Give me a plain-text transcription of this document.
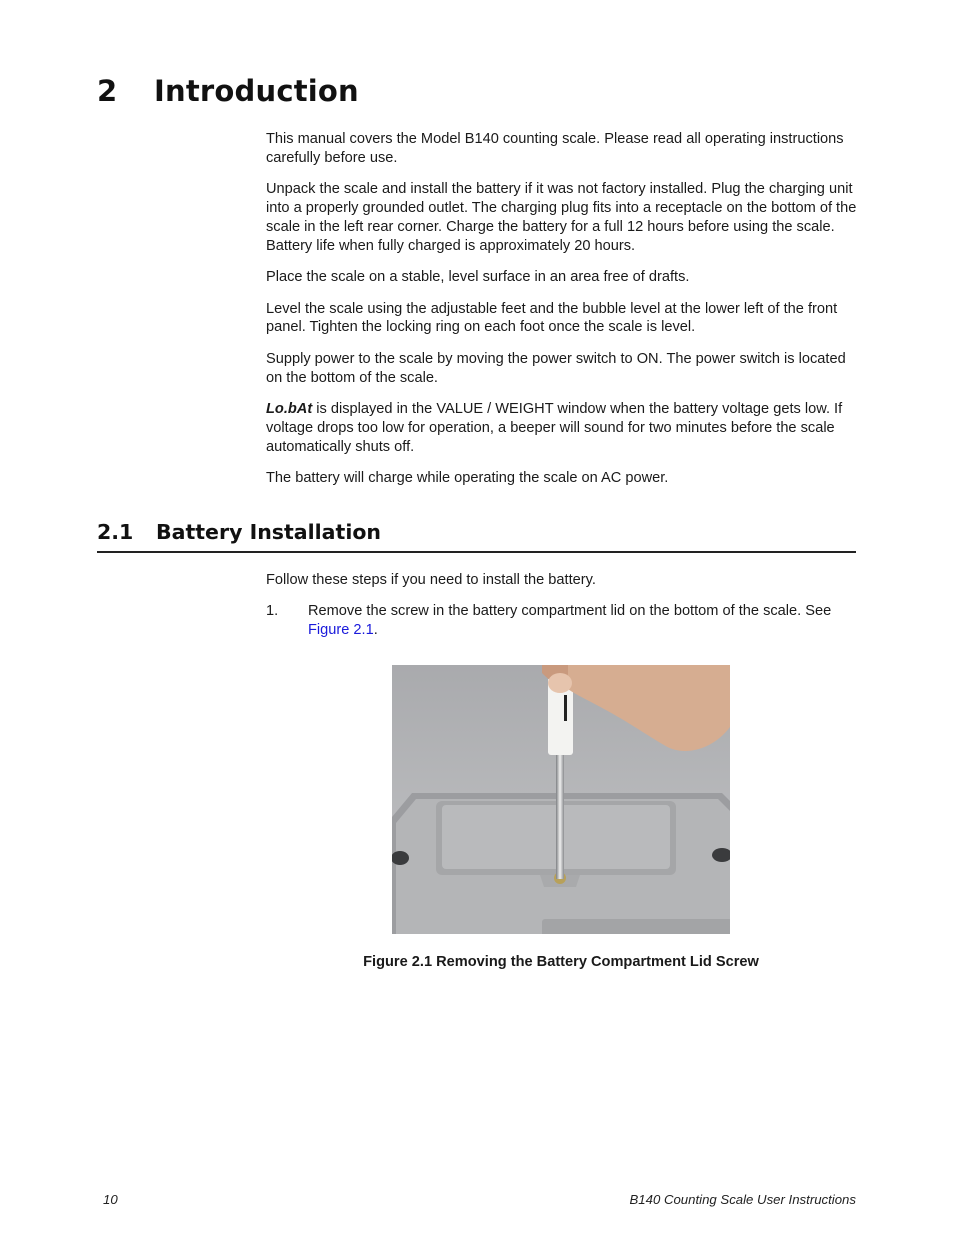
2 Introduction

This manual covers the Model B140 counting scale. Please read all operating instructions carefully before use.

Unpack the scale and install the battery if it was not factory installed. Plug the charging unit into a properly grounded outlet. The charging plug fits into a receptacle on the bottom of the scale in the left rear corner. Charge the battery for a full 12 hours before using the scale. Battery life when fully charged is approximately 20 hours.

Place the scale on a stable, level surface in an area free of drafts.

Level the scale using the adjustable feet and the bubble level at the lower left of the front panel. Tighten the locking ring on each foot once the scale is level.

Supply power to the scale by moving the power switch to ON. The power switch is located on the bottom of the scale.

Lo.bAt is displayed in the VALUE / WEIGHT window when the battery voltage gets low. If voltage drops too low for operation, a beeper will sound for two minutes before the scale automatically shuts off.

The battery will charge while operating the scale on AC power.

2.1 Battery Installation

Follow these steps if you need to install the battery.

1. Remove the screw in the battery compartment lid on the bottom of the scale. See Figure 2.1.

Figure 2.1 Removing the Battery Compartment Lid Screw
10	B140 Counting Scale User Instructions
